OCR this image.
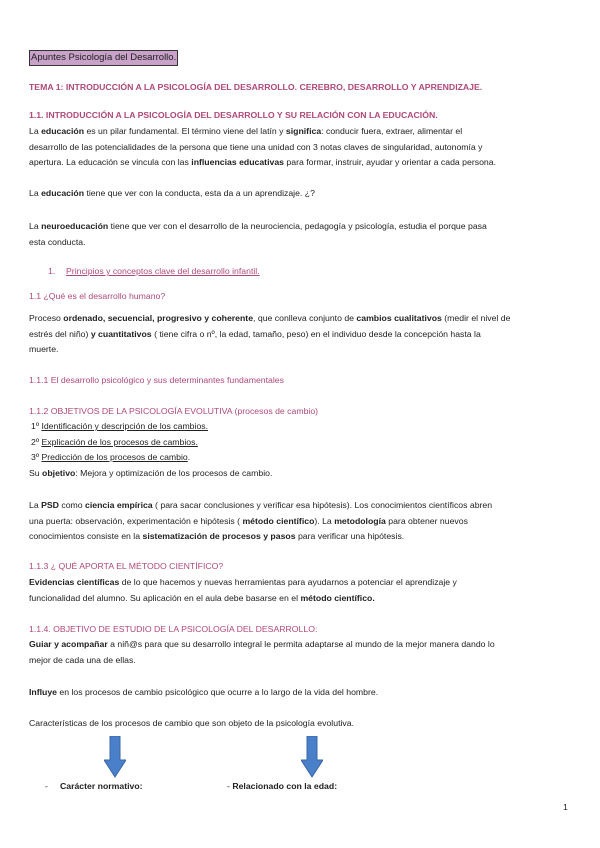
Apuntes Psicología del Desarrollo.
TEMA 1: INTRODUCCIÓN A LA PSICOLOGÍA DEL DESARROLLO. CEREBRO, DESARROLLO Y APRENDIZAJE.
1.1. INTRODUCCIÓN A LA PSICOLOGÍA DEL DESARROLLO Y SU RELACIÓN CON LA EDUCACIÓN.
La educación es un pilar fundamental. El término viene del latín y significa: conducir fuera, extraer, alimentar el
desarrollo de las potencialidades de la persona que tiene una unidad con 3 notas claves de singularidad, autonomía y
apertura. La educación se vincula con las influencias educativas para formar, instruir, ayudar y orientar a cada persona.
La educación tiene que ver con la conducta, esta da a un aprendizaje. ¿?
La neuroeducación tiene que ver con el desarrollo de la neurociencia, pedagogía y psicología, estudia el porque pasa
esta conducta.
1. Principios y conceptos clave del desarrollo infantil.
1.1 ¿Qué es el desarrollo humano?
Proceso ordenado, secuencial, progresivo y coherente, que conlleva conjunto de cambios cualitativos (medir el nivel de
estrés del niño) y cuantitativos ( tiene cifra o nº, la edad, tamaño, peso) en el individuo desde la concepción hasta la
muerte.
1.1.1 El desarrollo psicológico y sus determinantes fundamentales
1.1.2 OBJETIVOS DE LA PSICOLOGÍA EVOLUTIVA (procesos de cambio)
1º Identificación y descripción de los cambios.
2º Explicación de los procesos de cambios.
3º Predicción de los procesos de cambio.
Su objetivo: Mejora y optimización de los procesos de cambio.
La PSD como ciencia empírica ( para sacar conclusiones y verificar esa hipótesis). Los conocimientos científicos abren
una puerta: observación, experimentación e hipótesis ( método científico). La metodología para obtener nuevos
conocimientos consiste en la sistematización de procesos y pasos para verificar una hipótesis.
1.1.3 ¿ QUÉ APORTA EL MÉTODO CIENTÍFICO?
Evidencias científicas de lo que hacemos y nuevas herramientas para ayudarnos a potenciar el aprendizaje y
funcionalidad del alumno. Su aplicación en el aula debe basarse en el método científico.
1.1.4. OBJETIVO DE ESTUDIO DE LA PSICOLOGÍA DEL DESARROLLO:
Guiar y acompañar a niñ@s para que su desarrollo integral le permita adaptarse al mundo de la mejor manera dando lo
mejor de cada una de ellas.
Influye en los procesos de cambio psicológico que ocurre a lo largo de la vida del hombre.
Características de los procesos de cambio que son objeto de la psicología evolutiva.
- Carácter normativo:	- Relacionado con la edad:
1
